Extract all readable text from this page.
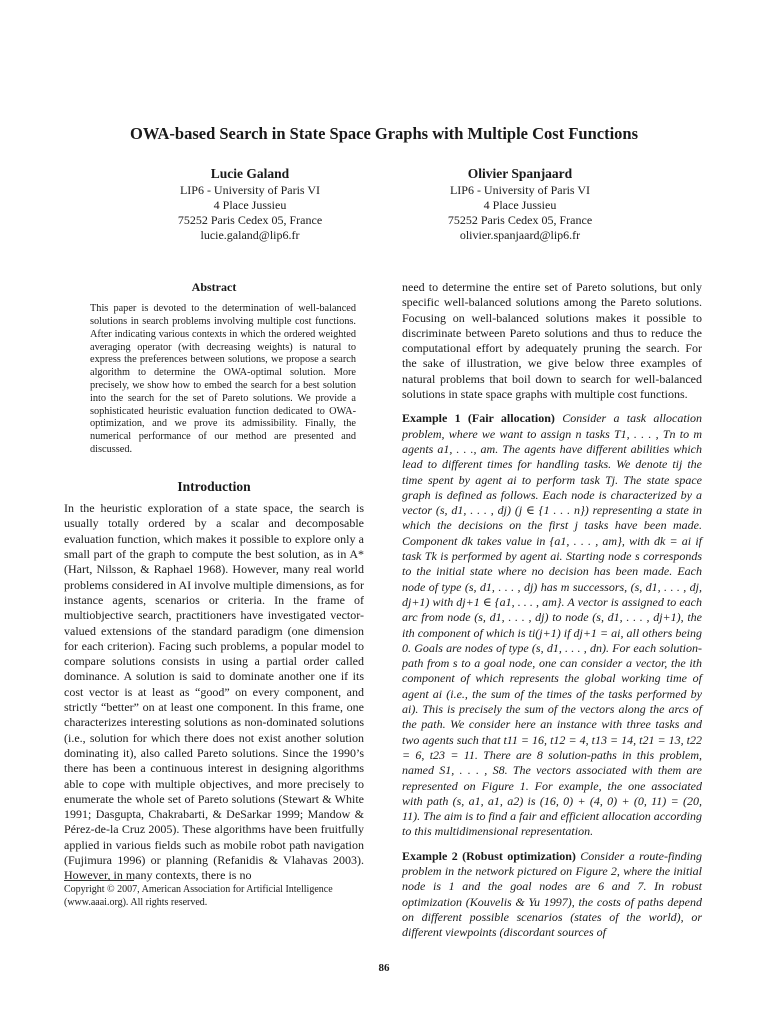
OWA-based Search in State Space Graphs with Multiple Cost Functions
Lucie Galand
LIP6 - University of Paris VI
4 Place Jussieu
75252 Paris Cedex 05, France
lucie.galand@lip6.fr
Olivier Spanjaard
LIP6 - University of Paris VI
4 Place Jussieu
75252 Paris Cedex 05, France
olivier.spanjaard@lip6.fr
Abstract

This paper is devoted to the determination of well-balanced solutions in search problems involving multiple cost functions. After indicating various contexts in which the ordered weighted averaging operator (with decreasing weights) is natural to express the preferences between solutions, we propose a search algorithm to determine the OWA-optimal solution. More precisely, we show how to embed the search for a best solution into the search for the set of Pareto solutions. We provide a sophisticated heuristic evaluation function dedicated to OWA-optimization, and we prove its admissibility. Finally, the numerical performance of our method are presented and discussed.

Introduction

In the heuristic exploration of a state space, the search is usually totally ordered by a scalar and decomposable evaluation function, which makes it possible to explore only a small part of the graph to compute the best solution, as in A* (Hart, Nilsson, & Raphael 1968). However, many real world problems considered in AI involve multiple dimensions, as for instance agents, scenarios or criteria. In the frame of multiobjective search, practitioners have investigated vector-valued extensions of the standard paradigm (one dimension for each criterion). Facing such problems, a popular model to compare solutions consists in using a partial order called dominance. A solution is said to dominate another one if its cost vector is at least as “good” on every component, and strictly “better” on at least one component. In this frame, one characterizes interesting solutions as non-dominated solutions (i.e., solution for which there does not exist another solution dominating it), also called Pareto solutions. Since the 1990’s there has been a continuous interest in designing algorithms able to cope with multiple objectives, and more precisely to enumerate the whole set of Pareto solutions (Stewart & White 1991; Dasgupta, Chakrabarti, & DeSarkar 1999; Mandow & Pérez-de-la Cruz 2005). These algorithms have been fruitfully applied in various fields such as mobile robot path navigation (Fujimura 1996) or planning (Refanidis & Vlahavas 2003). However, in many contexts, there is no

need to determine the entire set of Pareto solutions, but only specific well-balanced solutions among the Pareto solutions. Focusing on well-balanced solutions makes it possible to discriminate between Pareto solutions and thus to reduce the computational effort by adequately pruning the search. For the sake of illustration, we give below three examples of natural problems that boil down to search for well-balanced solutions in state space graphs with multiple cost functions.

Example 1 (Fair allocation) Consider a task allocation problem, where we want to assign n tasks T1, . . . , Tn to m agents a1, . . ., am. The agents have different abilities which lead to different times for handling tasks. We denote tij the time spent by agent ai to perform task Tj. The state space graph is defined as follows. Each node is characterized by a vector (s, d1, . . . , dj) (j ∈ {1 . . . n}) representing a state in which the decisions on the first j tasks have been made. Component dk takes value in {a1, . . . , am}, with dk = ai if task Tk is performed by agent ai. Starting node s corresponds to the initial state where no decision has been made. Each node of type (s, d1, . . . , dj) has m successors, (s, d1, . . . , dj, dj+1) with dj+1 ∈ {a1, . . . , am}. A vector is assigned to each arc from node (s, d1, . . . , dj) to node (s, d1, . . . , dj+1), the ith component of which is ti(j+1) if dj+1 = ai, all others being 0. Goals are nodes of type (s, d1, . . . , dn). For each solution-path from s to a goal node, one can consider a vector, the ith component of which represents the global working time of agent ai (i.e., the sum of the times of the tasks performed by ai). This is precisely the sum of the vectors along the arcs of the path. We consider here an instance with three tasks and two agents such that t11 = 16, t12 = 4, t13 = 14, t21 = 13, t22 = 6, t23 = 11. There are 8 solution-paths in this problem, named S1, . . . , S8. The vectors associated with them are represented on Figure 1. For example, the one associated with path (s, a1, a1, a2) is (16, 0) + (4, 0) + (0, 11) = (20, 11). The aim is to find a fair and efficient allocation according to this multidimensional representation.

Example 2 (Robust optimization) Consider a route-finding problem in the network pictured on Figure 2, where the initial node is 1 and the goal nodes are 6 and 7. In robust optimization (Kouvelis & Yu 1997), the costs of paths depend on different possible scenarios (states of the world), or different viewpoints (discordant sources of

Copyright © 2007, American Association for Artificial Intelligence (www.aaai.org). All rights reserved.
86
